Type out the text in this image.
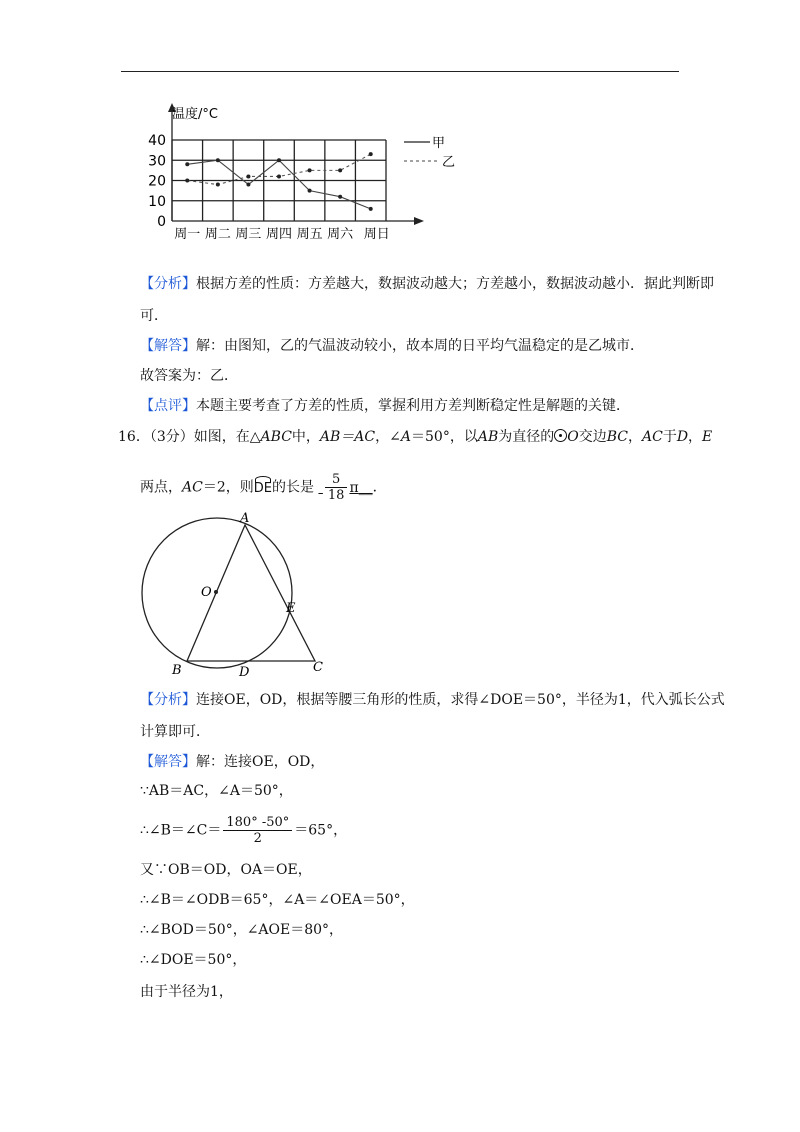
温度/°C
40
30
20
10
0
周一 周二 周三 周四 周五 周六 周日
甲
乙
【分析】根据方差的性质：方差越大，数据波动越大；方差越小，数据波动越小．据此判断即
可．
【解答】解：由图知，乙的气温波动较小，故本周的日平均气温稳定的是乙城市．
故答案为：乙．
【点评】本题主要考查了方差的性质，掌握利用方差判断稳定性是解题的关键．
16．（3分）如图，在△ABC中，AB＝AC，∠A＝50°，以AB为直径的 O交边BC，AC于D，E
两点，AC＝2，则DE的长是 $\frac{5}{18}$ π__．
A
B	C
D
E
O
【分析】连接OE，OD，根据等腰三角形的性质，求得∠DOE＝50°，半径为1，代入弧长公式
计算即可．
【解答】解：连接OE，OD，
∵AB＝AC，∠A＝50°，
∴∠B＝∠C＝ $\frac{180^\circ -50^\circ}{2} =65^\circ$，
又∵OB＝OD，OA＝OE，
∴∠B＝∠ODB＝65°，∠A＝∠OEA＝50°，
∴∠BOD＝50°，∠AOE＝80°，
∴∠DOE＝50°，
由于半径为1，
